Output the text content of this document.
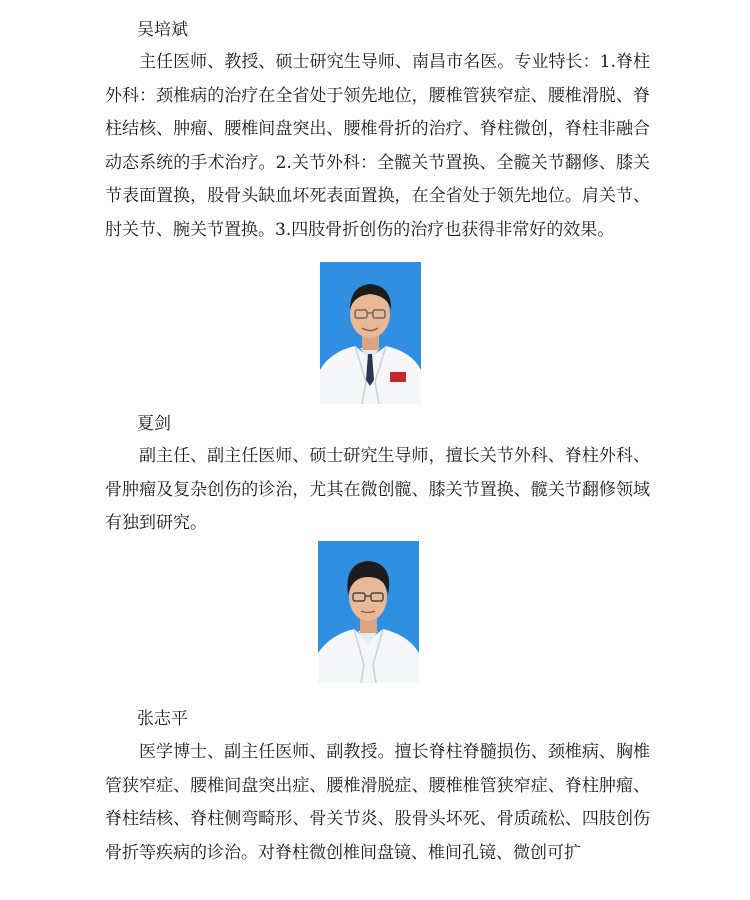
吴培斌

主任医师、教授、硕士研究生导师、南昌市名医。专业特长：1.脊柱外科：颈椎病的治疗在全省处于领先地位，腰椎管狭窄症、腰椎滑脱、脊柱结核、肿瘤、腰椎间盘突出、腰椎骨折的治疗、脊柱微创，脊柱非融合动态系统的手术治疗。2.关节外科：全髋关节置换、全髋关节翻修、膝关节表面置换，股骨头缺血坏死表面置换，在全省处于领先地位。肩关节、肘关节、腕关节置换。3.四肢骨折创伤的治疗也获得非常好的效果。

夏剑

副主任、副主任医师、硕士研究生导师，擅长关节外科、脊柱外科、骨肿瘤及复杂创伤的诊治，尤其在微创髋、膝关节置换、髋关节翻修领域有独到研究。

张志平

医学博士、副主任医师、副教授。擅长脊柱脊髓损伤、颈椎病、胸椎管狭窄症、腰椎间盘突出症、腰椎滑脱症、腰椎椎管狭窄症、脊柱肿瘤、脊柱结核、脊柱侧弯畸形、骨关节炎、股骨头坏死、骨质疏松、四肢创伤骨折等疾病的诊治。对脊柱微创椎间盘镜、椎间孔镜、微创可扩
